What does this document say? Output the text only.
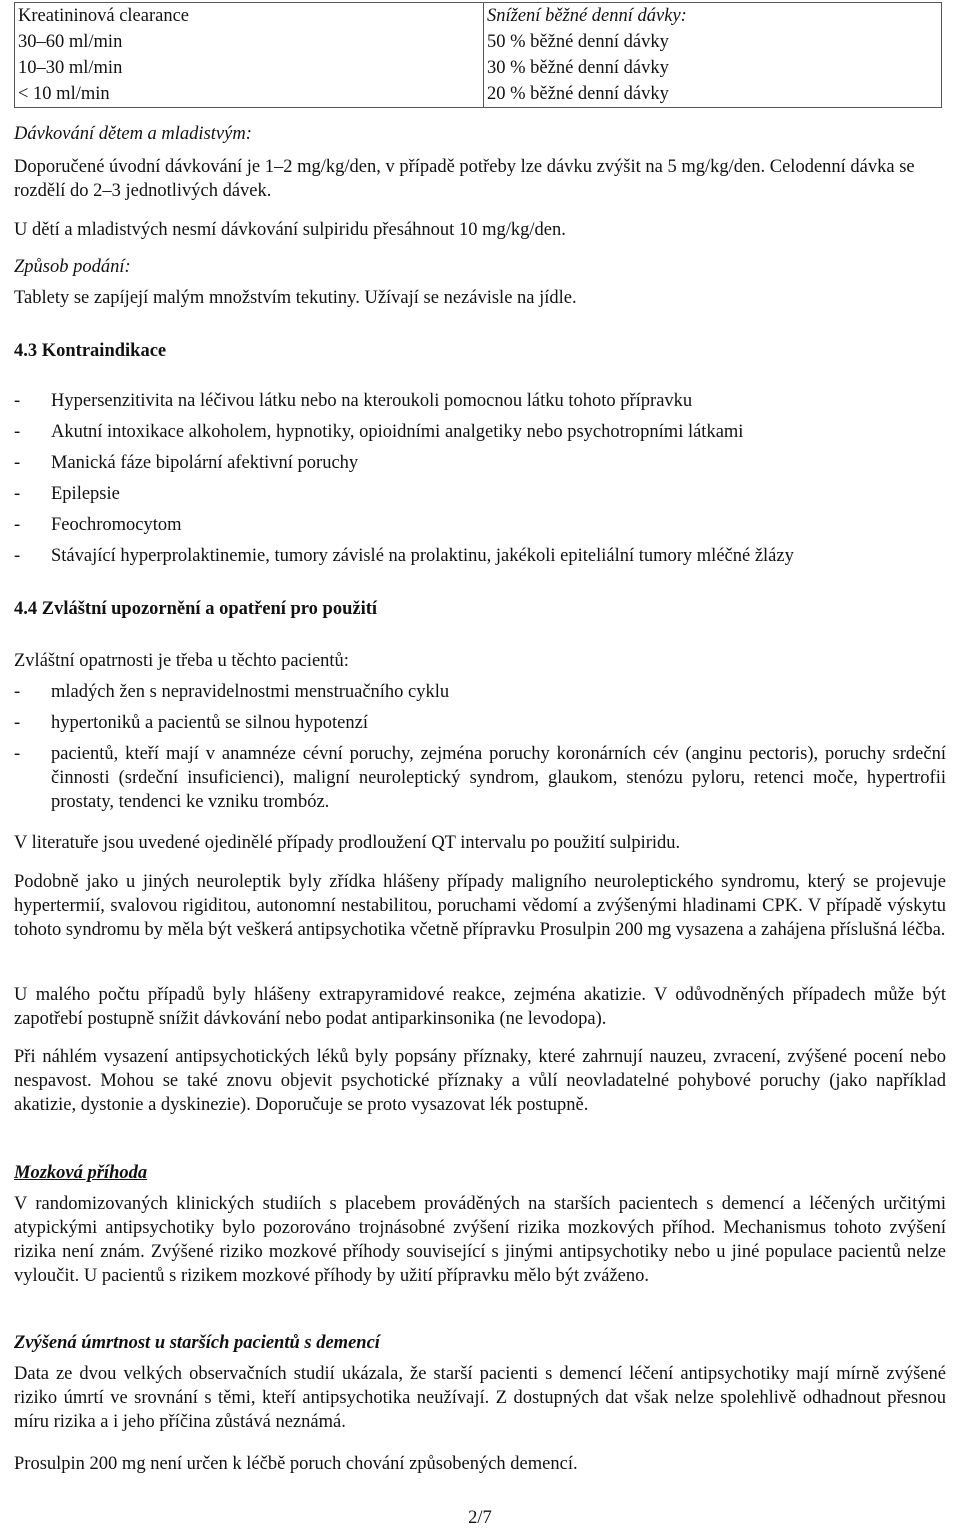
Kreatininová clearance	Snížení běžné denní dávky:
30–60 ml/min	50 % běžné denní dávky
10–30 ml/min	30 % běžné denní dávky
< 10 ml/min	20 % běžné denní dávky

Dávkování dětem a mladistvým:

Doporučené úvodní dávkování je 1–2 mg/kg/den, v případě potřeby lze dávku zvýšit na 5 mg/kg/den. Celodenní dávka se rozdělí do 2–3 jednotlivých dávek.

U dětí a mladistvých nesmí dávkování sulpiridu přesáhnout 10 mg/kg/den.

Způsob podání:

Tablety se zapíjejí malým množstvím tekutiny. Užívají se nezávisle na jídle.

4.3 Kontraindikace

- Hypersenzitivita na léčivou látku nebo na kteroukoli pomocnou látku tohoto přípravku
- Akutní intoxikace alkoholem, hypnotiky, opioidními analgetiky nebo psychotropními látkami
- Manická fáze bipolární afektivní poruchy
- Epilepsie
- Feochromocytom
- Stávající hyperprolaktinemie, tumory závislé na prolaktinu, jakékoli epiteliální tumory mléčné žlázy

4.4 Zvláštní upozornění a opatření pro použití

Zvláštní opatrnosti je třeba u těchto pacientů:

- mladých žen s nepravidelnostmi menstruačního cyklu
- hypertoniků a pacientů se silnou hypotenzí
- pacientů, kteří mají v anamnéze cévní poruchy, zejména poruchy koronárních cév (anginu pectoris), poruchy srdeční činnosti (srdeční insuficienci), maligní neuroleptický syndrom, glaukom, stenózu pyloru, retenci moče, hypertrofii prostaty, tendenci ke vzniku trombóz.

V literatuře jsou uvedené ojedinělé případy prodloužení QT intervalu po použití sulpiridu.

Podobně jako u jiných neuroleptik byly zřídka hlášeny případy maligního neuroleptického syndromu, který se projevuje hypertermií, svalovou rigiditou, autonomní nestabilitou, poruchami vědomí a zvýšenými hladinami CPK. V případě výskytu tohoto syndromu by měla být veškerá antipsychotika včetně přípravku Prosulpin 200 mg vysazena a zahájena příslušná léčba.

U malého počtu případů byly hlášeny extrapyramidové reakce, zejména akatizie. V odůvodněných případech může být zapotřebí postupně snížit dávkování nebo podat antiparkinsonika (ne levodopa).

Při náhlém vysazení antipsychotických léků byly popsány příznaky, které zahrnují nauzeu, zvracení, zvýšené pocení nebo nespavost. Mohou se také znovu objevit psychotické příznaky a vůlí neovladatelné pohybové poruchy (jako například akatizie, dystonie a dyskinezie). Doporučuje se proto vysazovat lék postupně.

Mozková příhoda

V randomizovaných klinických studiích s placebem prováděných na starších pacientech s demencí a léčených určitými atypickými antipsychotiky bylo pozorováno trojnásobné zvýšení rizika mozkových příhod. Mechanismus tohoto zvýšení rizika není znám. Zvýšené riziko mozkové příhody související s jinými antipsychotiky nebo u jiné populace pacientů nelze vyloučit. U pacientů s rizikem mozkové příhody by užití přípravku mělo být zváženo.

Zvýšená úmrtnost u starších pacientů s demencí

Data ze dvou velkých observačních studií ukázala, že starší pacienti s demencí léčení antipsychotiky mají mírně zvýšené riziko úmrtí ve srovnání s těmi, kteří antipsychotika neužívají. Z dostupných dat však nelze spolehlivě odhadnout přesnou míru rizika a i jeho příčina zůstává neznámá.

Prosulpin 200 mg není určen k léčbě poruch chování způsobených demencí.

2/7
